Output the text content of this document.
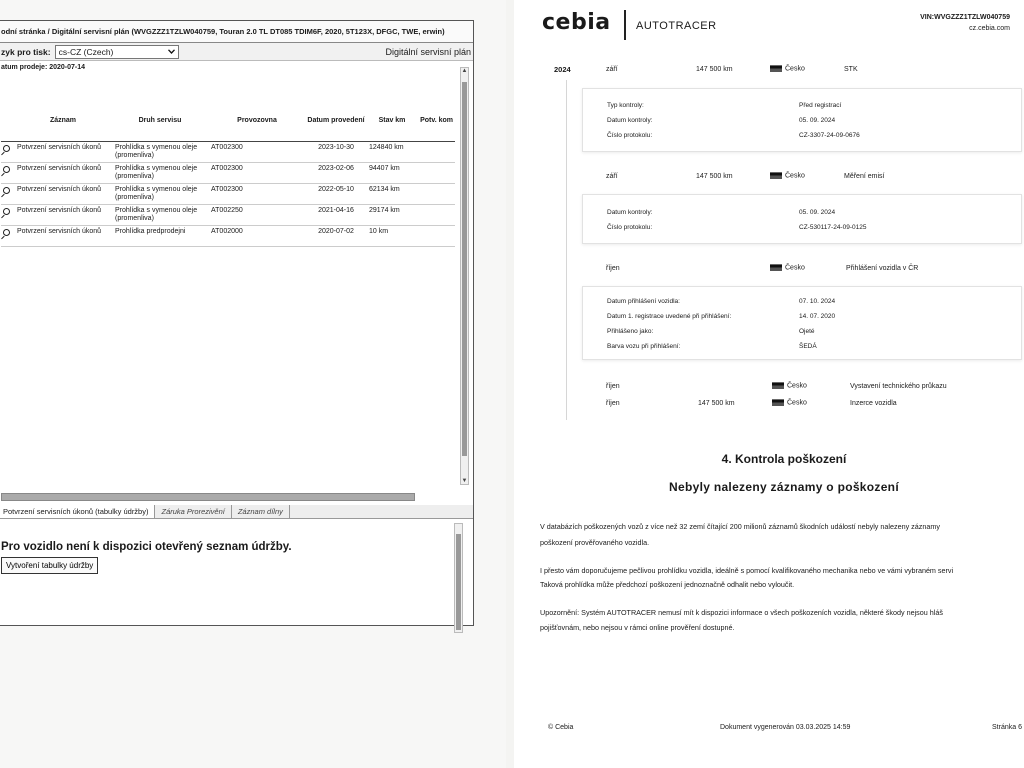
odní stránka / Digitální servisní plán (WVGZZZ1TZLW040759, Touran 2.0 TL DT085 TDIM6F, 2020, 5T123X, DFGC, TWE, erwin)
zyk pro tisk: cs-CZ (Czech)	Digitální servisní plán
atum prodeje: 2020-07-14
	Záznam	Druh servisu	Provozovna	Datum provedení	Stav km	Potv. kom
	Potvrzení servisních úkonů	Prohlídka s vymenou oleje (promenliva)	AT002300	2023-10-30	124840 km	
	Potvrzení servisních úkonů	Prohlídka s vymenou oleje (promenliva)	AT002300	2023-02-06	94407 km	
	Potvrzení servisních úkonů	Prohlídka s vymenou oleje (promenliva)	AT002300	2022-05-10	62134 km	
	Potvrzení servisních úkonů	Prohlídka s vymenou oleje (promenliva)	AT002250	2021-04-16	29174 km	
	Potvrzení servisních úkonů	Prohlídka predprodejni	AT002000	2020-07-02	10 km	
▲
▼
Potvrzení servisních úkonů (tabulky údržby)	Záruka Prorezivění	Záznam dílny
Pro vozidlo není k dispozici otevřený seznam údržby.
Vytvoření tabulky údržby
cebia AUTOTRACER
VIN:WVGZZZ1TZLW040759
cz.cebia.com
2024	září	147 500 km	Česko	STK
Typ kontroly:	Před registrací
Datum kontroly:	05. 09. 2024
Číslo protokolu:	CZ-3307-24-09-0676
září	147 500 km	Česko	Měření emisí
Datum kontroly:	05. 09. 2024
Číslo protokolu:	CZ-530117-24-09-0125
říjen	Česko	Přihlášení vozidla v ČR
Datum přihlášení vozidla:	07. 10. 2024
Datum 1. registrace uvedené při přihlášení:	14. 07. 2020
Přihlášeno jako:	Ojeté
Barva vozu při přihlášení:	ŠEDÁ
říjen	Česko	Vystavení technického průkazu
říjen	147 500 km	Česko	Inzerce vozidla
4. Kontrola poškození
Nebyly nalezeny záznamy o poškození
V databázích poškozených vozů z více než 32 zemí čítající 200 milionů záznamů škodních událostí nebyly nalezeny záznamy
poškození prověřovaného vozidla.
I přesto vám doporučujeme pečlivou prohlídku vozidla, ideálně s pomocí kvalifikovaného mechanika nebo ve vámi vybraném servi
Taková prohlídka může předchozí poškození jednoznačně odhalit nebo vyloučit.
Upozornění: Systém AUTOTRACER nemusí mít k dispozici informace o všech poškozeních vozidla, některé škody nejsou hláš
pojišťovnám, nebo nejsou v rámci online prověření dostupné.
© Cebia	Dokument vygenerován 03.03.2025 14:59	Stránka 6
